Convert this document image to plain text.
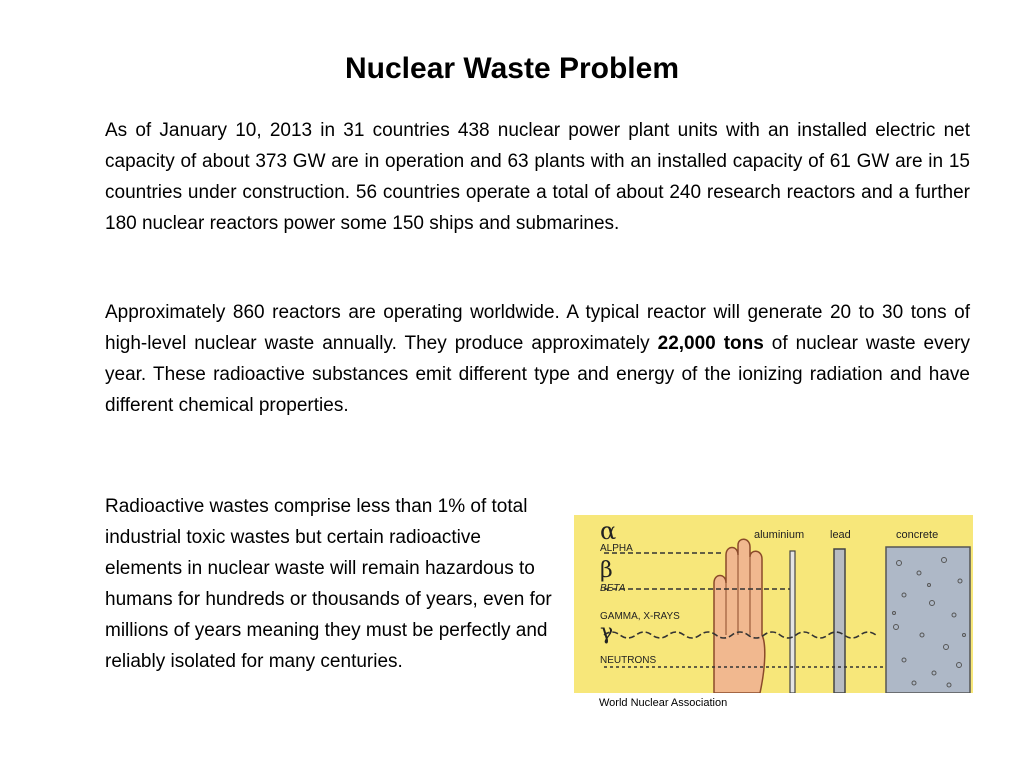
Nuclear Waste Problem

As of January 10, 2013 in 31 countries 438 nuclear power plant units with an installed electric net capacity of about 373 GW are in operation and 63 plants with an installed capacity of 61 GW are in 15 countries under construction. 56 countries operate a total of about 240 research reactors and a further 180 nuclear reactors power some 150 ships and submarines.

Approximately 860 reactors are operating worldwide. A typical reactor will generate 20 to 30 tons of high-level nuclear waste annually. They produce approximately 22,000 tons of nuclear waste every year. These radioactive substances emit different type and energy of the ionizing radiation and have different chemical properties.

Radioactive wastes comprise less than 1% of total industrial toxic wastes but certain radioactive elements in nuclear waste will remain hazardous to humans for hundreds or thousands of years, even for millions of years meaning they must be perfectly and reliably isolated for many centuries.

α
ALPHA
β
BETA
GAMMA, X-RAYS
γ
NEUTRONS
aluminium lead	concrete

World Nuclear Association
